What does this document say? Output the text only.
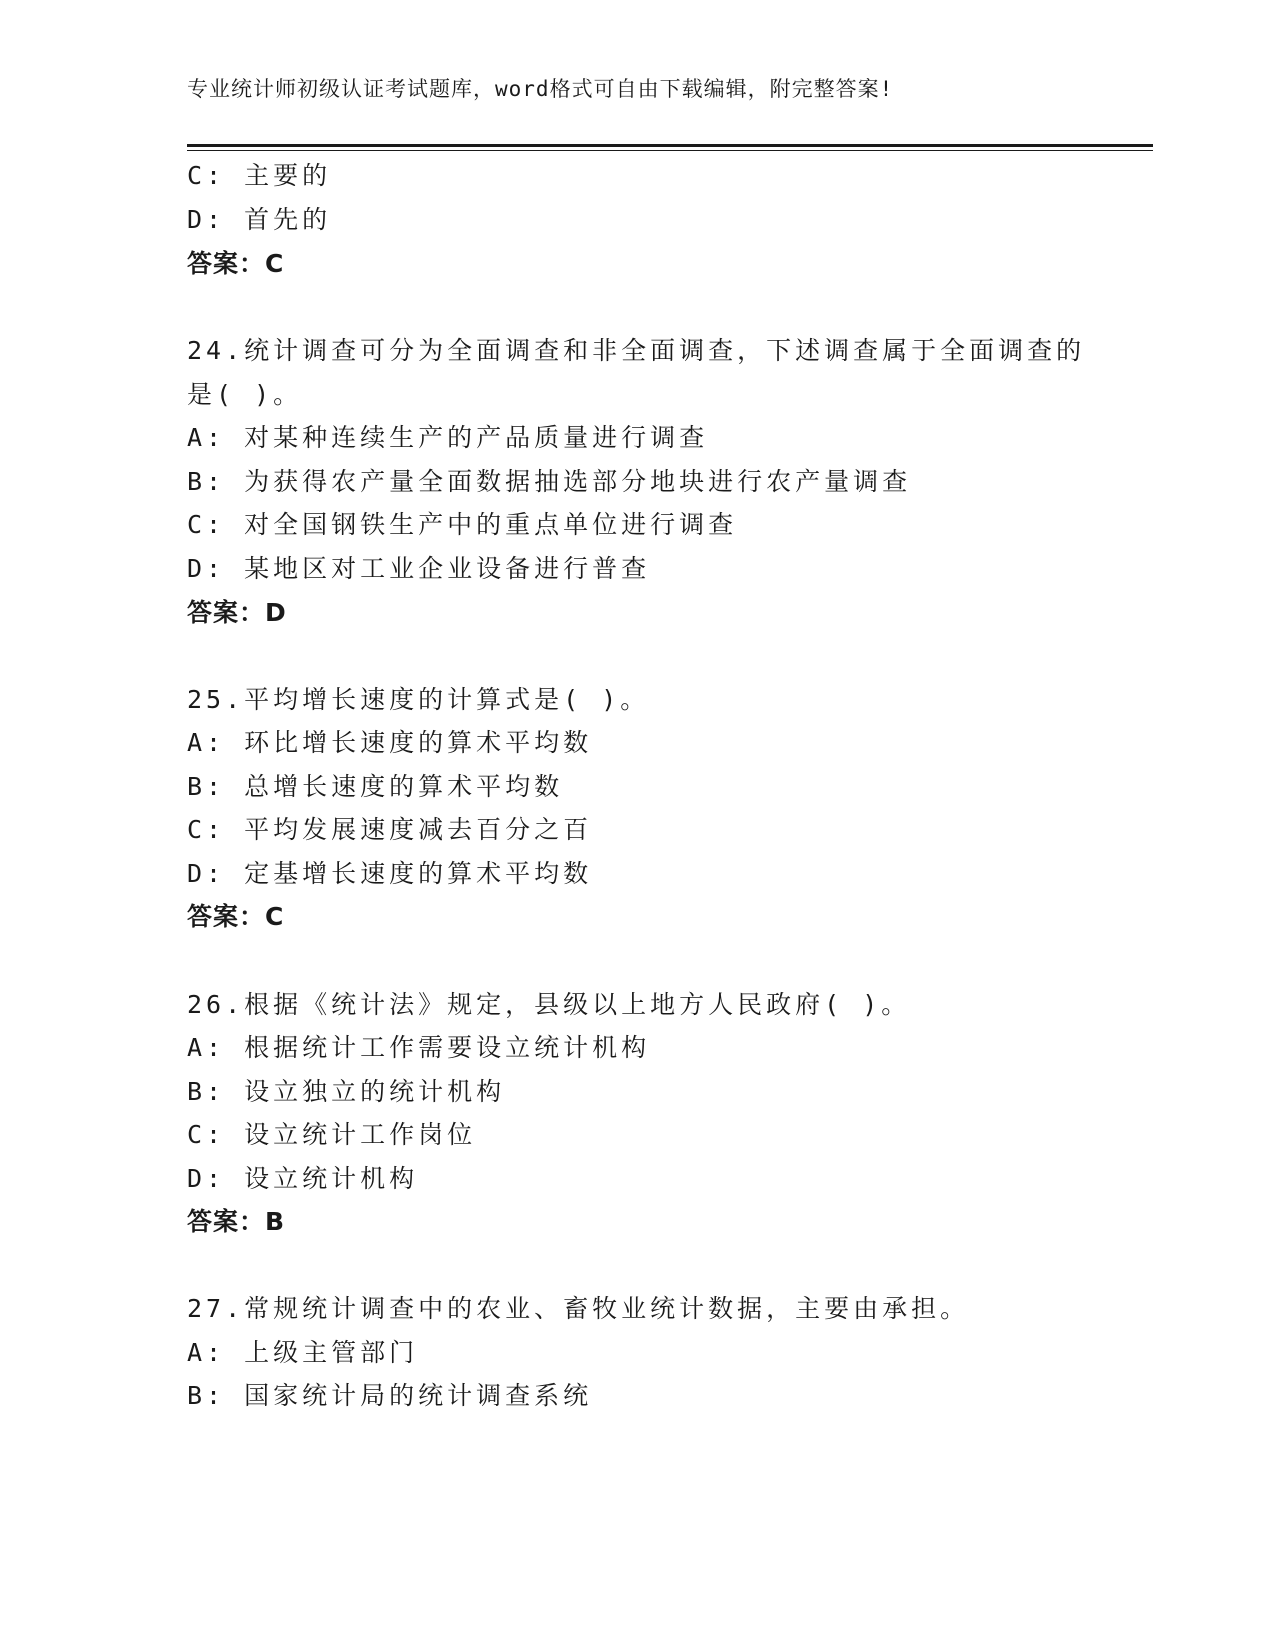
专业统计师初级认证考试题库，word格式可自由下载编辑，附完整答案!
C: 主要的
D: 首先的
答案：C
24.统计调查可分为全面调查和非全面调查，下述调查属于全面调查的
是( )。
A: 对某种连续生产的产品质量进行调查
B: 为获得农产量全面数据抽选部分地块进行农产量调查
C: 对全国钢铁生产中的重点单位进行调查
D: 某地区对工业企业设备进行普查
答案：D
25.平均增长速度的计算式是( )。
A: 环比增长速度的算术平均数
B: 总增长速度的算术平均数
C: 平均发展速度减去百分之百
D: 定基增长速度的算术平均数
答案：C
26.根据《统计法》规定，县级以上地方人民政府( )。
A: 根据统计工作需要设立统计机构
B: 设立独立的统计机构
C: 设立统计工作岗位
D: 设立统计机构
答案：B
27.常规统计调查中的农业、畜牧业统计数据，主要由承担。
A: 上级主管部门
B: 国家统计局的统计调查系统
